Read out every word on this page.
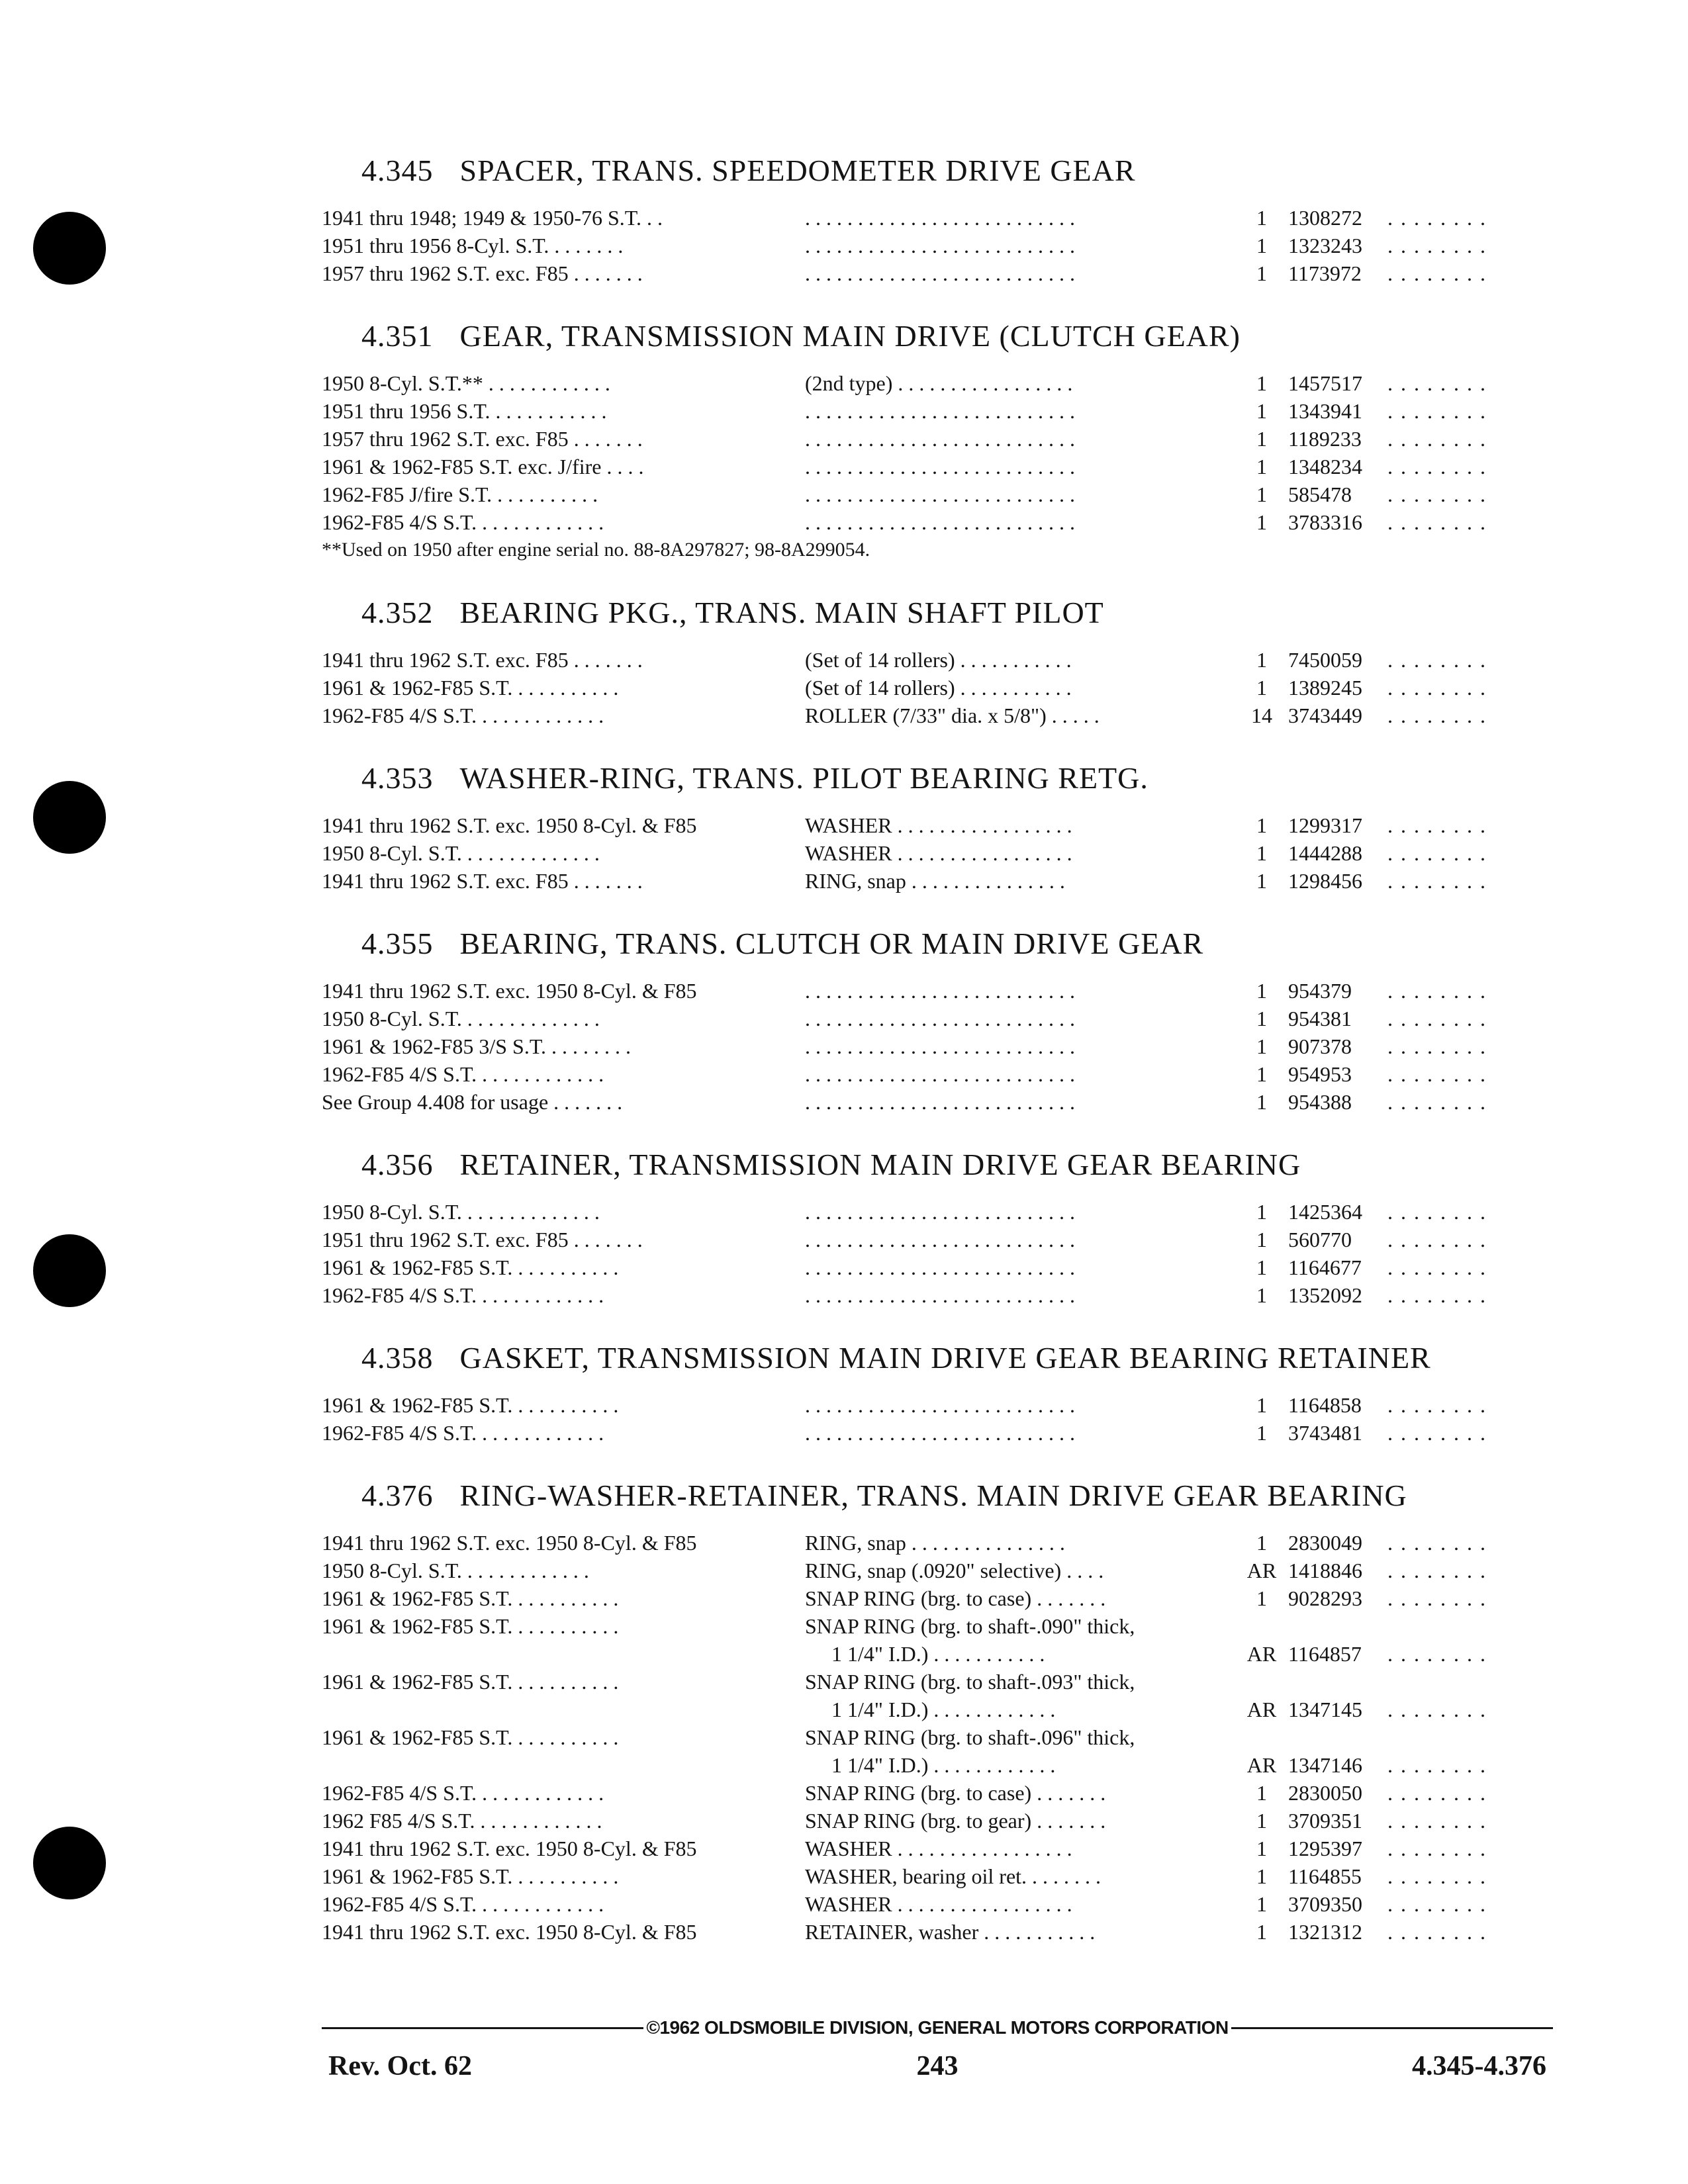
4.345 SPACER, TRANS. SPEEDOMETER DRIVE GEAR
1941 thru 1948; 1949 & 1950-76 S.T. . .	. . . . . . . . . . . . . . . . . . . . . . . . . .	1	1308272	. . . . . . . .
1951 thru 1956 8-Cyl. S.T. . . . . . . .	. . . . . . . . . . . . . . . . . . . . . . . . . .	1	1323243	. . . . . . . .
1957 thru 1962 S.T. exc. F85 . . . . . . .	. . . . . . . . . . . . . . . . . . . . . . . . . .	1	1173972	. . . . . . . .
4.351 GEAR, TRANSMISSION MAIN DRIVE (CLUTCH GEAR)
1950 8-Cyl. S.T.** . . . . . . . . . . . .	(2nd type) . . . . . . . . . . . . . . . . .	1	1457517	. . . . . . . .
1951 thru 1956 S.T. . . . . . . . . . . .	. . . . . . . . . . . . . . . . . . . . . . . . . .	1	1343941	. . . . . . . .
1957 thru 1962 S.T. exc. F85 . . . . . . .	. . . . . . . . . . . . . . . . . . . . . . . . . .	1	1189233	. . . . . . . .
1961 & 1962-F85 S.T. exc. J/fire . . . .	. . . . . . . . . . . . . . . . . . . . . . . . . .	1	1348234	. . . . . . . .
1962-F85 J/fire S.T. . . . . . . . . . .	. . . . . . . . . . . . . . . . . . . . . . . . . .	1	585478	. . . . . . . .
1962-F85 4/S S.T. . . . . . . . . . . . .	. . . . . . . . . . . . . . . . . . . . . . . . . .	1	3783316	. . . . . . . .
**Used on 1950 after engine serial no. 88-8A297827; 98-8A299054.
4.352 BEARING PKG., TRANS. MAIN SHAFT PILOT
1941 thru 1962 S.T. exc. F85 . . . . . . .	(Set of 14 rollers) . . . . . . . . . . .	1	7450059	. . . . . . . .
1961 & 1962-F85 S.T. . . . . . . . . . .	(Set of 14 rollers) . . . . . . . . . . .	1	1389245	. . . . . . . .
1962-F85 4/S S.T. . . . . . . . . . . . .	ROLLER (7/33" dia. x 5/8") . . . . .	14 3743449	. . . . . . . .
4.353 WASHER-RING, TRANS. PILOT BEARING RETG.
1941 thru 1962 S.T. exc. 1950 8-Cyl. & F85	WASHER . . . . . . . . . . . . . . . . .	1	1299317	. . . . . . . .
1950 8-Cyl. S.T. . . . . . . . . . . . . .	WASHER . . . . . . . . . . . . . . . . .	1	1444288	. . . . . . . .
1941 thru 1962 S.T. exc. F85 . . . . . . .	RING, snap . . . . . . . . . . . . . . .	1	1298456	. . . . . . . .
4.355 BEARING, TRANS. CLUTCH OR MAIN DRIVE GEAR
1941 thru 1962 S.T. exc. 1950 8-Cyl. & F85	. . . . . . . . . . . . . . . . . . . . . . . . . .	1	954379	. . . . . . . .
1950 8-Cyl. S.T. . . . . . . . . . . . . .	. . . . . . . . . . . . . . . . . . . . . . . . . .	1	954381	. . . . . . . .
1961 & 1962-F85 3/S S.T. . . . . . . . .	. . . . . . . . . . . . . . . . . . . . . . . . . .	1	907378	. . . . . . . .
1962-F85 4/S S.T. . . . . . . . . . . . .	. . . . . . . . . . . . . . . . . . . . . . . . . .	1	954953	. . . . . . . .
See Group 4.408 for usage . . . . . . .	. . . . . . . . . . . . . . . . . . . . . . . . . .	1	954388	. . . . . . . .
4.356 RETAINER, TRANSMISSION MAIN DRIVE GEAR BEARING
1950 8-Cyl. S.T. . . . . . . . . . . . . .	. . . . . . . . . . . . . . . . . . . . . . . . . .	1	1425364	. . . . . . . .
1951 thru 1962 S.T. exc. F85 . . . . . . .	. . . . . . . . . . . . . . . . . . . . . . . . . .	1	560770	. . . . . . . .
1961 & 1962-F85 S.T. . . . . . . . . . .	. . . . . . . . . . . . . . . . . . . . . . . . . .	1	1164677	. . . . . . . .
1962-F85 4/S S.T. . . . . . . . . . . . .	. . . . . . . . . . . . . . . . . . . . . . . . . .	1	1352092	. . . . . . . .
4.358 GASKET, TRANSMISSION MAIN DRIVE GEAR BEARING RETAINER
1961 & 1962-F85 S.T. . . . . . . . . . .	. . . . . . . . . . . . . . . . . . . . . . . . . .	1	1164858	. . . . . . . .
1962-F85 4/S S.T. . . . . . . . . . . . .	. . . . . . . . . . . . . . . . . . . . . . . . . .	1	3743481	. . . . . . . .
4.376 RING-WASHER-RETAINER, TRANS. MAIN DRIVE GEAR BEARING
1941 thru 1962 S.T. exc. 1950 8-Cyl. & F85	RING, snap . . . . . . . . . . . . . . .	1	2830049	. . . . . . . .
1950 8-Cyl. S.T. . . . . . . . . . . . .	RING, snap (.0920" selective) . . . .	AR 1418846	. . . . . . . .
1961 & 1962-F85 S.T. . . . . . . . . . .	SNAP RING (brg. to case) . . . . . . .	1	9028293	. . . . . . . .
1961 & 1962-F85 S.T. . . . . . . . . . .	SNAP RING (brg. to shaft-.090" thick,
1 1/4" I.D.) . . . . . . . . . . .	AR 1164857	. . . . . . . .
1961 & 1962-F85 S.T. . . . . . . . . . .	SNAP RING (brg. to shaft-.093" thick,
1 1/4" I.D.) . . . . . . . . . . . .	AR 1347145	. . . . . . . .
1961 & 1962-F85 S.T. . . . . . . . . . .	SNAP RING (brg. to shaft-.096" thick,
1 1/4" I.D.) . . . . . . . . . . . .	AR 1347146	. . . . . . . .
1962-F85 4/S S.T. . . . . . . . . . . . .	SNAP RING (brg. to case) . . . . . . .	1	2830050	. . . . . . . .
1962 F85 4/S S.T. . . . . . . . . . . . .	SNAP RING (brg. to gear) . . . . . . .	1	3709351	. . . . . . . .
1941 thru 1962 S.T. exc. 1950 8-Cyl. & F85	WASHER . . . . . . . . . . . . . . . . .	1	1295397	. . . . . . . .
1961 & 1962-F85 S.T. . . . . . . . . . .	WASHER, bearing oil ret. . . . . . . .	1	1164855	. . . . . . . .
1962-F85 4/S S.T. . . . . . . . . . . . .	WASHER . . . . . . . . . . . . . . . . .	1	3709350	. . . . . . . .
1941 thru 1962 S.T. exc. 1950 8-Cyl. & F85	RETAINER, washer . . . . . . . . . . .	1	1321312	. . . . . . . .
©1962 OLDSMOBILE DIVISION, GENERAL MOTORS CORPORATION
Rev. Oct. 62	243	4.345-4.376
